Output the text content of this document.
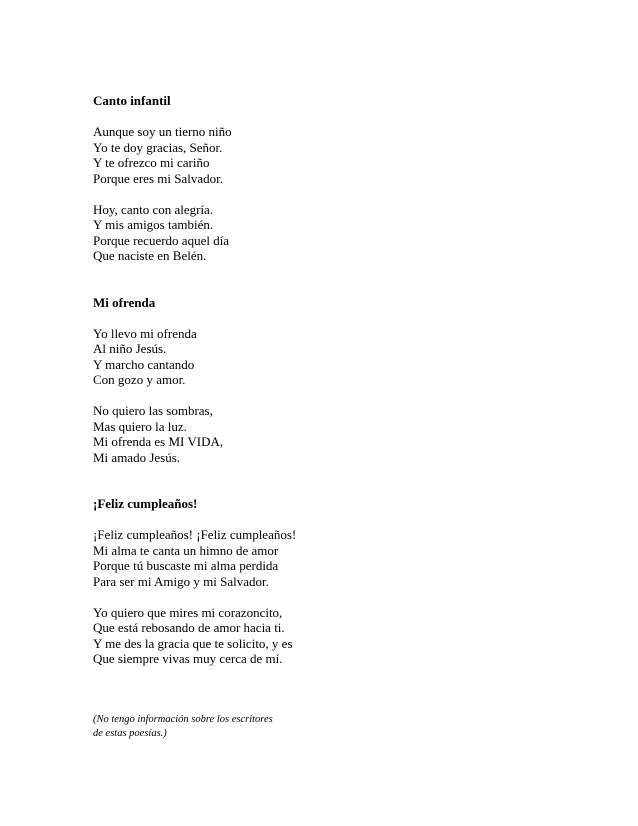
Canto infantil
Aunque soy un tierno niño
Yo te doy gracias, Señor.
Y te ofrezco mi cariño
Porque eres mi Salvador.
Hoy, canto con alegría.
Y mis amigos también.
Porque recuerdo aquel día
Que naciste en Belén.
Mi ofrenda
Yo llevo mi ofrenda
Al niño Jesús.
Y marcho cantando
Con gozo y amor.
No quiero las sombras,
Mas quiero la luz.
Mi ofrenda es MI VIDA,
Mi amado Jesús.
¡Feliz cumpleaños!
¡Feliz cumpleaños! ¡Feliz cumpleaños!
Mi alma te canta un himno de amor
Porque tú buscaste mi alma perdida
Para ser mi Amigo y mi Salvador.
Yo quiero que mires mi corazoncito,
Que está rebosando de amor hacia ti.
Y me des la gracia que te solicito, y es
Que siempre vivas muy cerca de mí.
(No tengo información sobre los escritores
de estas poesías.)
